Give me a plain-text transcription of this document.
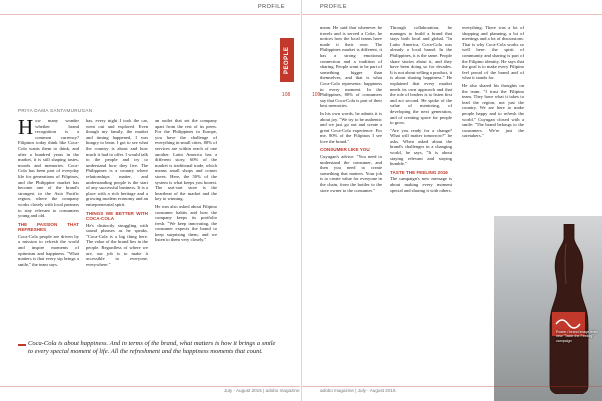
PROFILE
PEOPLE
108	109
PRIYA DAMA SANTAMURUGAN
H ow many wonder whether brand recognition is a common currency? Filipinos today think like Coca-Cola wants them to think, and after a hundred years in the market, it is still shaping tastes, moods and memories. Coca-Cola has been part of everyday life for generations of Filipinos, and the Philippine market has become one of the brand's strongest in the Asia Pacific region, where the company works closely with local partners to stay relevant to consumers young and old.

THE PASSION THAT REFRESHES

Coca-Cola people are driven by a mission to refresh the world and inspire moments of optimism and happiness. "What matters is that every sip brings a smile," the team says.

has, every night I took the car, went out and explored. Even though my family, the market and timing happened, I was hungry to learn. I got to see what the country is about and how much it had to offer. I would talk to the people and try to understand how they live. The Philippines is a country where relationships matter, and understanding people is the start of any successful business. It is a place with a rich heritage and a growing modern economy and an entrepreneurial spirit.

THINGS WE BETTER WITH COCA-COLA

He's distinctly struggling with sound phrases as he speaks. "Coca-Cola is a big thing here. The value of the brand lies in the people. Regardless of where we are, our job is to make it accessible to everyone, everywhere."

an outlet that set the company apart from the rest of its peers. For the Philippines in Europe, you have the challenge of everything in small cities, 80% of services are within reach of one another. Latin America has a different story, 60% of the market is traditional trade, which means small shops and corner stores. Here, the 50% of the system is what keeps you honest. The sari-sari store is the heartbeat of the market and the key to winning.

He was also asked about Filipino consumer habits and how the company keeps its portfolio fresh. "We keep innovating, the consumer expects the brand to keep surprising them, and we listen to them very closely."

Coca-Cola is about happiness. And in terms of the brand, what matters is how it brings a smile to every special moment of life. All the refreshment and the happiness moments that count.
July - August 2015 | adobo magazine
PROFILE

mean. He said that whenever he travels and is served a Coke, he notices how the local teams have made it their own. The Philippines market is different, it has a strong emotional connection and a tradition of sharing. People want to be part of something bigger than themselves, and that is what Coca-Cola represents: happiness in every moment. In the Philippines, 80% of consumers say that Coca-Cola is part of their best memories.

In his own words, he admits it is about joy. "We try to be authentic and we just go out and create a great Coca-Cola experience. For me, 80% of the Filipinos I see love the brand."

CONSUMER LIKE YOU

Cuyugan's advice: "You need to understand the consumer, and then you need to create something that matters. Your job is to create value for everyone in the chain, from the bottler to the store owner to the consumer."

Through collaboration, he manages to build a brand that stays both local and global. "In Latin America, Coca-Cola was already a local brand. In the Philippines, it is the same. People share stories about it, and they have been doing so for decades. It is not about selling a product, it is about sharing happiness." He explained that every market needs its own approach and that the role of leaders is to listen first and act second. He spoke of the value of mentoring, of developing the next generation, and of creating space for people to grow.

"Are you ready for a change? What will matter tomorrow?" he asks. When asked about the brand's challenges in a changing world, he says, "It is about staying relevant and staying humble."

TASTE THE FEELING 2016

The campaign's new message is about making every moment special and sharing it with others.

everything. There was a lot of shopping and planning, a lot of meetings and a lot of discussions. That is why Coca-Cola works so well here: the spirit of community and sharing is part of the Filipino identity. He says that the goal is to make every Filipino feel proud of the brand and of what it stands for.

He also shared his thoughts on the team. "I trust the Filipino team. They have what it takes to lead the region, not just the country. We are here to make people happy and to refresh the world." Cuyugan closed with a smile: "The brand belongs to the consumers. We're just the caretakers."

Poster / brand image from new "Taste the Feeling" campaign
adobo magazine | July - August 2015
